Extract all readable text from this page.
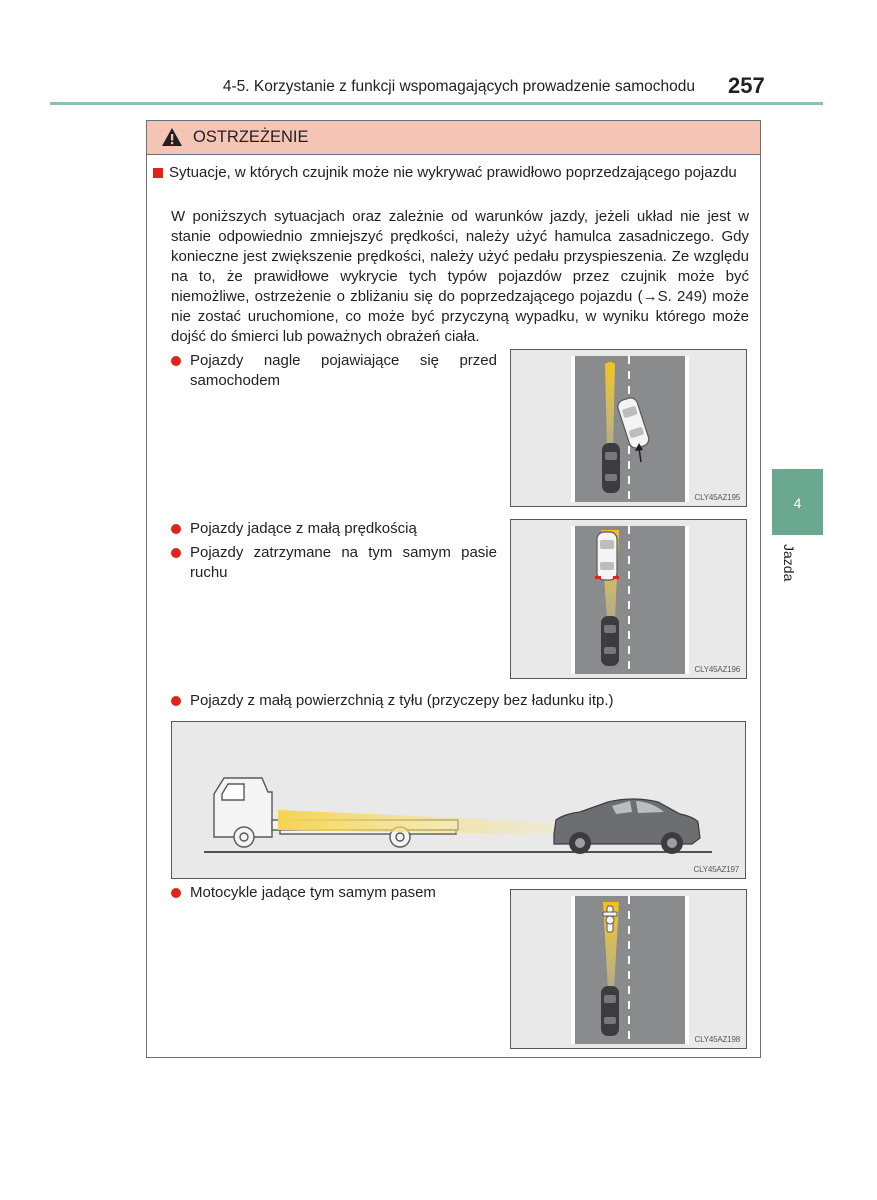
4-5. Korzystanie z funkcji wspomagających prowadzenie samochodu 257
OSTRZEŻENIE
Sytuacje, w których czujnik może nie wykrywać prawidłowo poprzedzającego pojazdu
W poniższych sytuacjach oraz zależnie od warunków jazdy, jeżeli układ nie jest w stanie odpowiednio zmniejszyć prędkości, należy użyć hamulca zasadniczego. Gdy konieczne jest zwiększenie prędkości, należy użyć pedału przyspieszenia. Ze względu na to, że prawidłowe wykrycie tych typów pojazdów przez czujnik może być niemożliwe, ostrzeżenie o zbliżaniu się do poprzedzającego pojazdu (→S. 249) może nie zostać uruchomione, co może być przyczyną wypadku, w wyniku którego może dojść do śmierci lub poważnych obrażeń ciała.
Pojazdy nagle pojawiające się przed samochodem
Pojazdy jadące z małą prędkością
Pojazdy zatrzymane na tym samym pasie ruchu
Pojazdy z małą powierzchnią z tyłu (przyczepy bez ładunku itp.)
Motocykle jadące tym samym pasem
CLY45AZ195
CLY45AZ196
CLY45AZ197
CLY45AZ198
4
Jazda
